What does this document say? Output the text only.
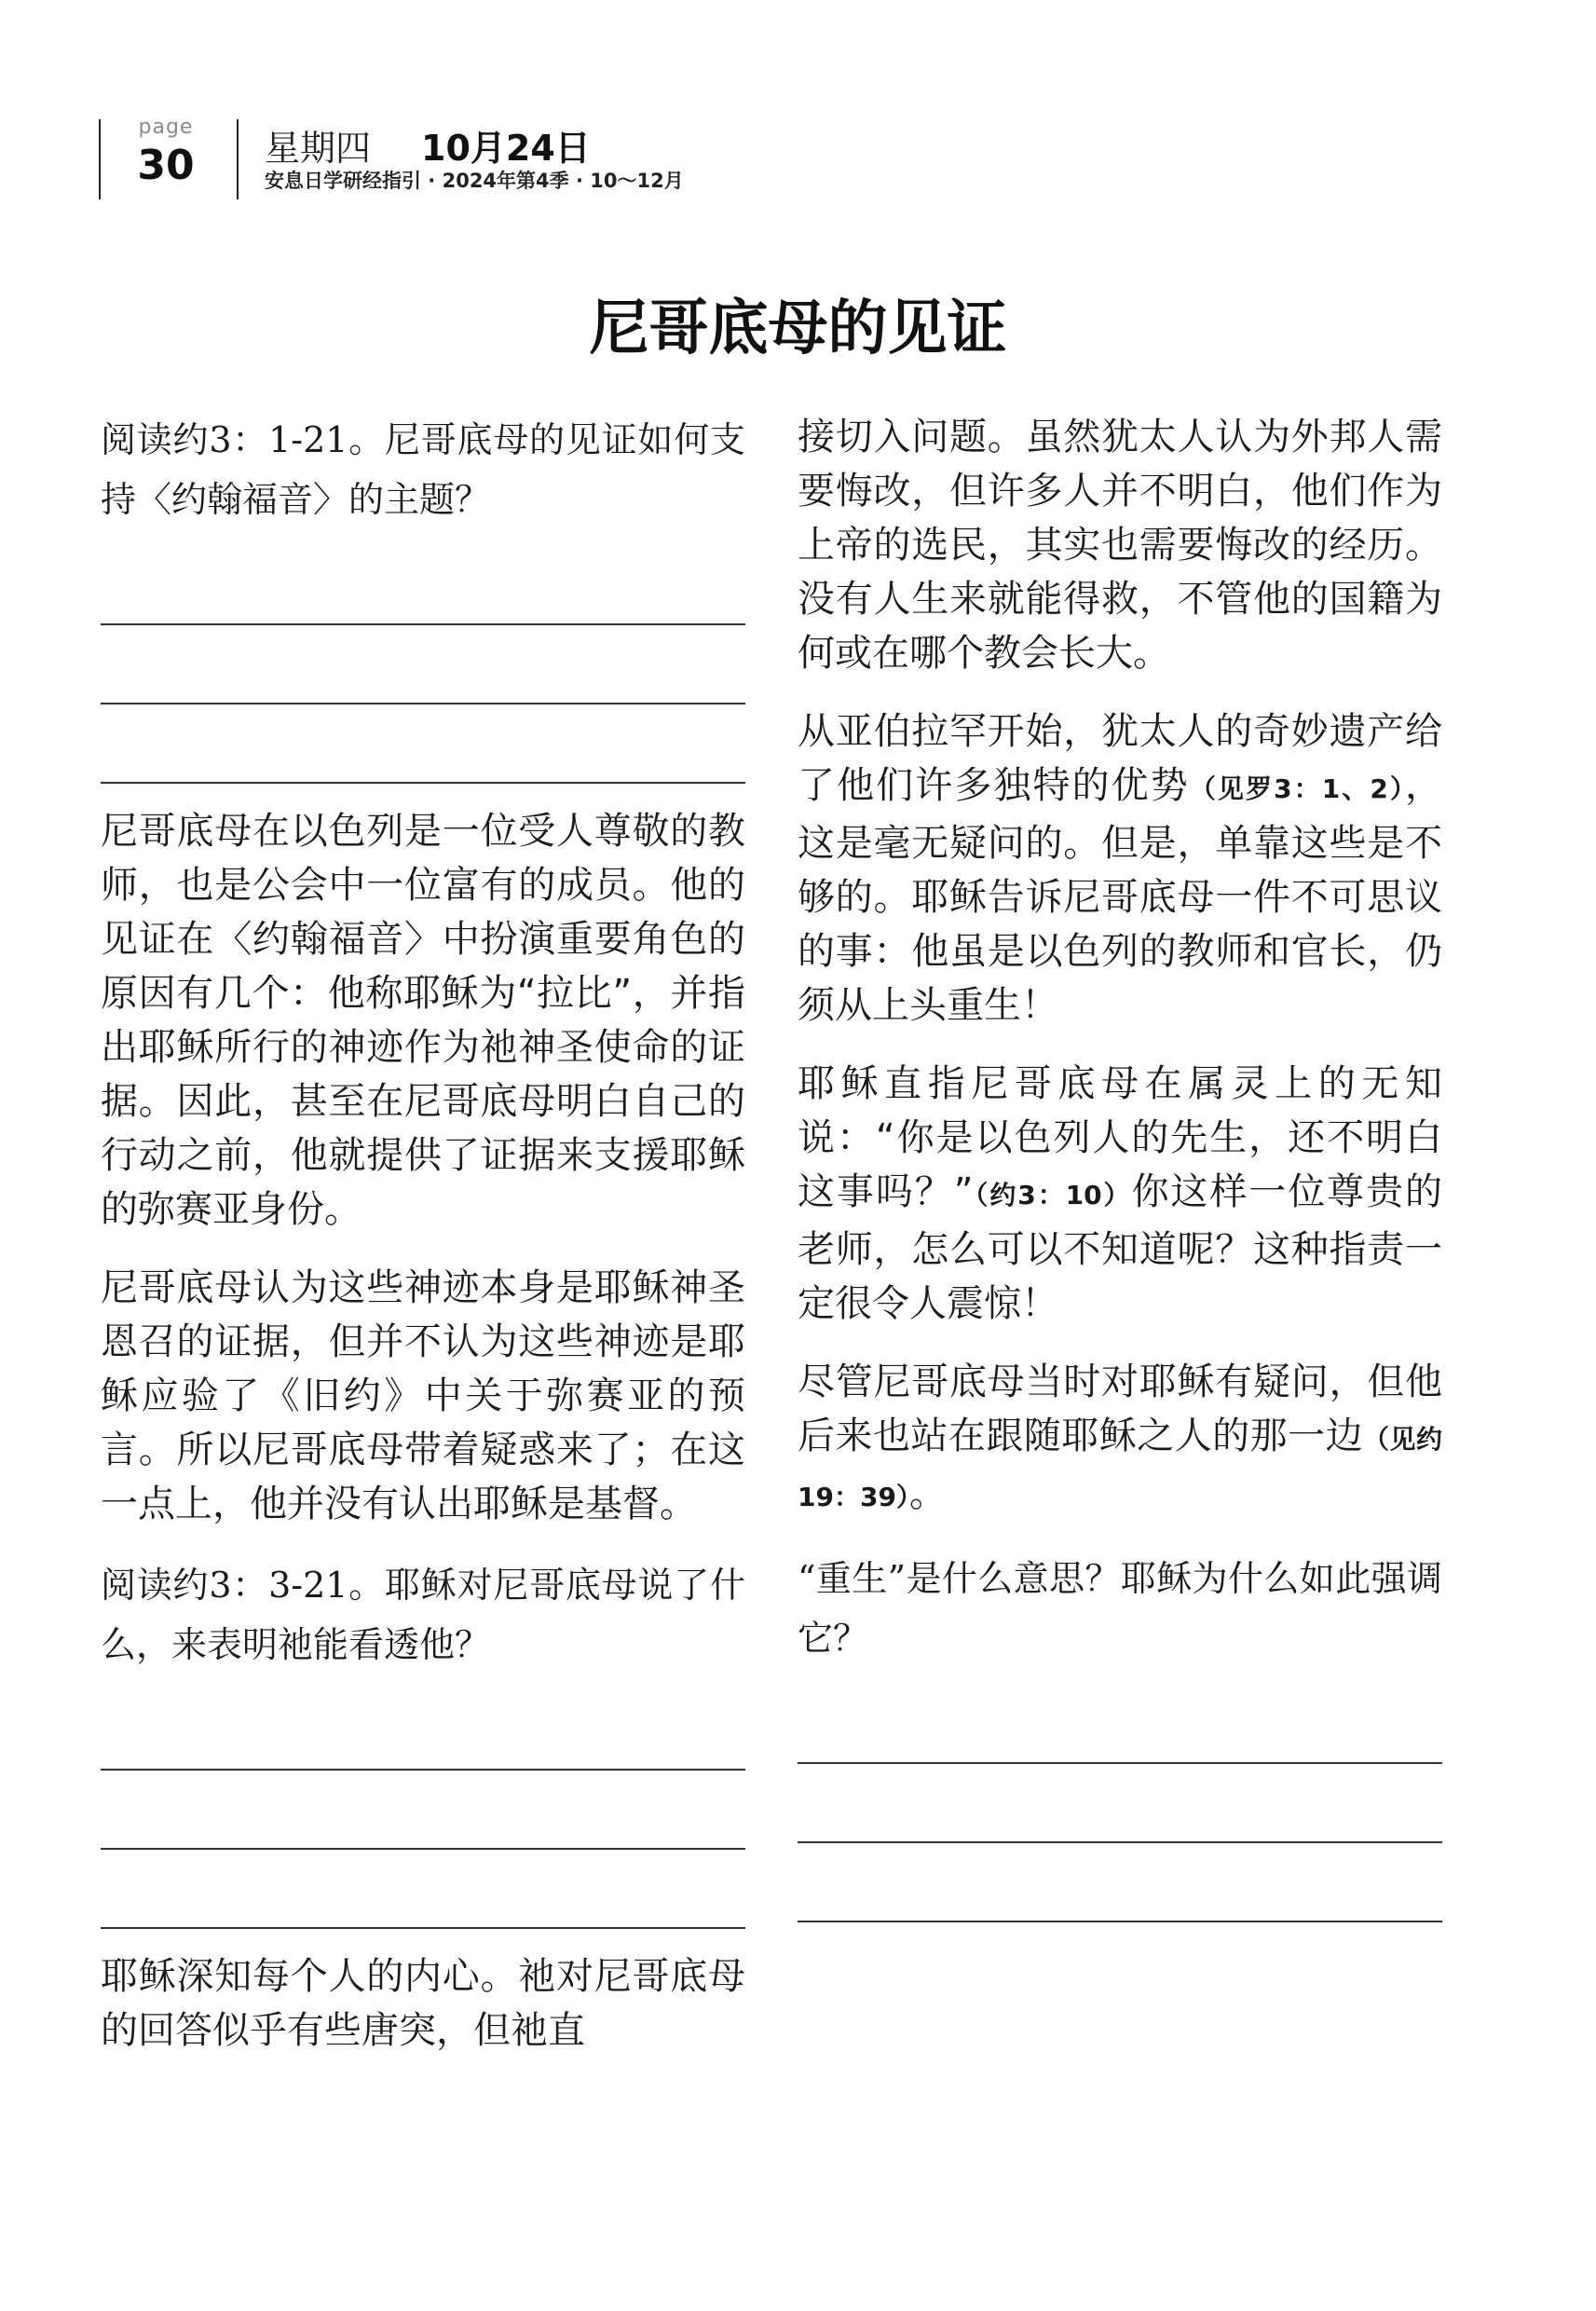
page
30	星期四 10月24日
安息日学研经指引 · 2024年第4季 · 10～12月
尼哥底母的见证

阅读约3：1-21。尼哥底母的见证如何支持〈约翰福音〉的主题？

尼哥底母在以色列是一位受人尊敬的教师，也是公会中一位富有的成员。他的见证在〈约翰福音〉中扮演重要角色的原因有几个：他称耶稣为“拉比”，并指出耶稣所行的神迹作为祂神圣使命的证据。因此，甚至在尼哥底母明白自己的行动之前，他就提供了证据来支援耶稣的弥赛亚身份。

尼哥底母认为这些神迹本身是耶稣神圣恩召的证据，但并不认为这些神迹是耶稣应验了《旧约》中关于弥赛亚的预言。所以尼哥底母带着疑惑来了；在这一点上，他并没有认出耶稣是基督。

阅读约3：3-21。耶稣对尼哥底母说了什么，来表明祂能看透他？

耶稣深知每个人的内心。祂对尼哥底母的回答似乎有些唐突，但祂直

接切入问题。虽然犹太人认为外邦人需要悔改，但许多人并不明白，他们作为上帝的选民，其实也需要悔改的经历。没有人生来就能得救，不管他的国籍为何或在哪个教会长大。

从亚伯拉罕开始，犹太人的奇妙遗产给了他们许多独特的优势（见罗3：1、2），这是毫无疑问的。但是，单靠这些是不够的。耶稣告诉尼哥底母一件不可思议的事：他虽是以色列的教师和官长，仍须从上头重生！

耶稣直指尼哥底母在属灵上的无知说：“你是以色列人的先生，还不明白这事吗？”（约3：10）你这样一位尊贵的老师，怎么可以不知道呢？这种指责一定很令人震惊！

尽管尼哥底母当时对耶稣有疑问，但他后来也站在跟随耶稣之人的那一边（见约19：39）。

“重生”是什么意思？耶稣为什么如此强调它？
